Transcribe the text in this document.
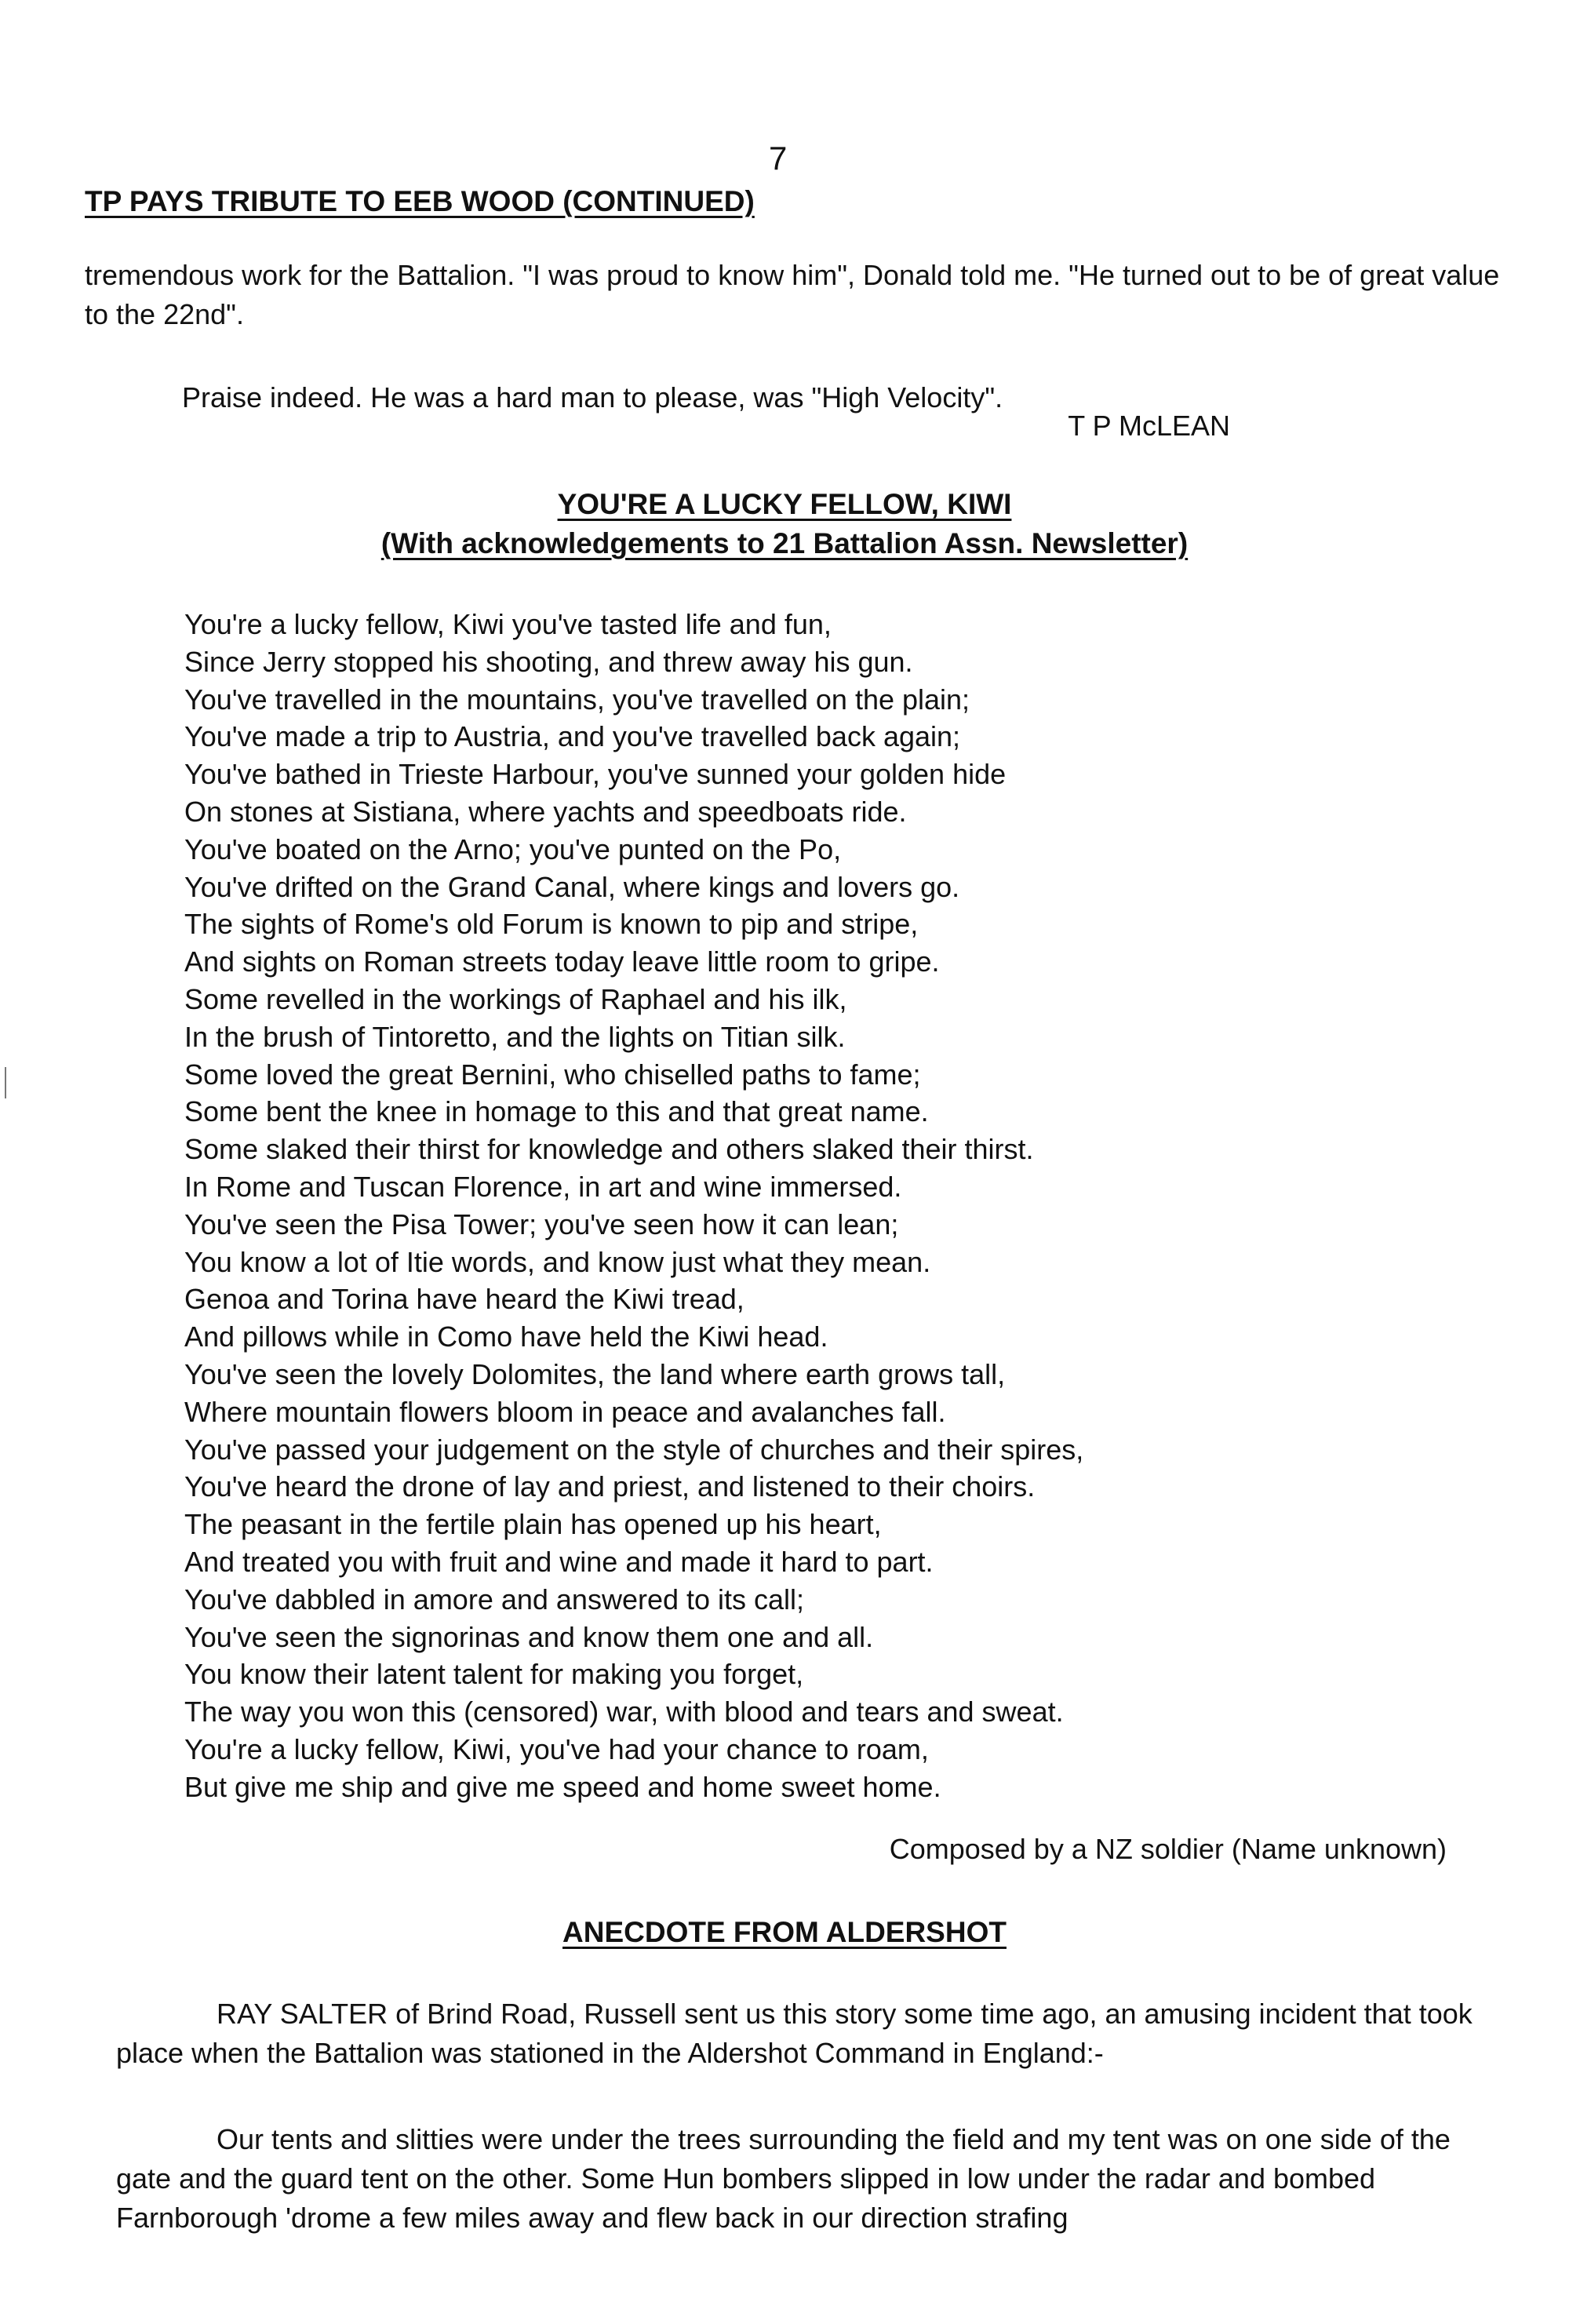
7
TP PAYS TRIBUTE TO EEB WOOD (CONTINUED)
tremendous work for the Battalion. "I was proud to know him", Donald told me. "He turned out to be of great value to the 22nd".
Praise indeed. He was a hard man to please, was "High Velocity".
T P McLEAN
YOU'RE A LUCKY FELLOW, KIWI
(With acknowledgements to 21 Battalion Assn. Newsletter)
You're a lucky fellow, Kiwi you've tasted life and fun,
Since Jerry stopped his shooting, and threw away his gun.
You've travelled in the mountains, you've travelled on the plain;
You've made a trip to Austria, and you've travelled back again;
You've bathed in Trieste Harbour, you've sunned your golden hide
On stones at Sistiana, where yachts and speedboats ride.
You've boated on the Arno; you've punted on the Po,
You've drifted on the Grand Canal, where kings and lovers go.
The sights of Rome's old Forum is known to pip and stripe,
And sights on Roman streets today leave little room to gripe.
Some revelled in the workings of Raphael and his ilk,
In the brush of Tintoretto, and the lights on Titian silk.
Some loved the great Bernini, who chiselled paths to fame;
Some bent the knee in homage to this and that great name.
Some slaked their thirst for knowledge and others slaked their thirst.
In Rome and Tuscan Florence, in art and wine immersed.
You've seen the Pisa Tower; you've seen how it can lean;
You know a lot of Itie words, and know just what they mean.
Genoa and Torina have heard the Kiwi tread,
And pillows while in Como have held the Kiwi head.
You've seen the lovely Dolomites, the land where earth grows tall,
Where mountain flowers bloom in peace and avalanches fall.
You've passed your judgement on the style of churches and their spires,
You've heard the drone of lay and priest, and listened to their choirs.
The peasant in the fertile plain has opened up his heart,
And treated you with fruit and wine and made it hard to part.
You've dabbled in amore and answered to its call;
You've seen the signorinas and know them one and all.
You know their latent talent for making you forget,
The way you won this (censored) war, with blood and tears and sweat.
You're a lucky fellow, Kiwi, you've had your chance to roam,
But give me ship and give me speed and home sweet home.
Composed by a NZ soldier (Name unknown)
ANECDOTE FROM ALDERSHOT
RAY SALTER of Brind Road, Russell sent us this story some time ago, an amusing incident that took place when the Battalion was stationed in the Aldershot Command in England:-
Our tents and slitties were under the trees surrounding the field and my tent was on one side of the gate and the guard tent on the other. Some Hun bombers slipped in low under the radar and bombed Farnborough 'drome a few miles away and flew back in our direction strafing
